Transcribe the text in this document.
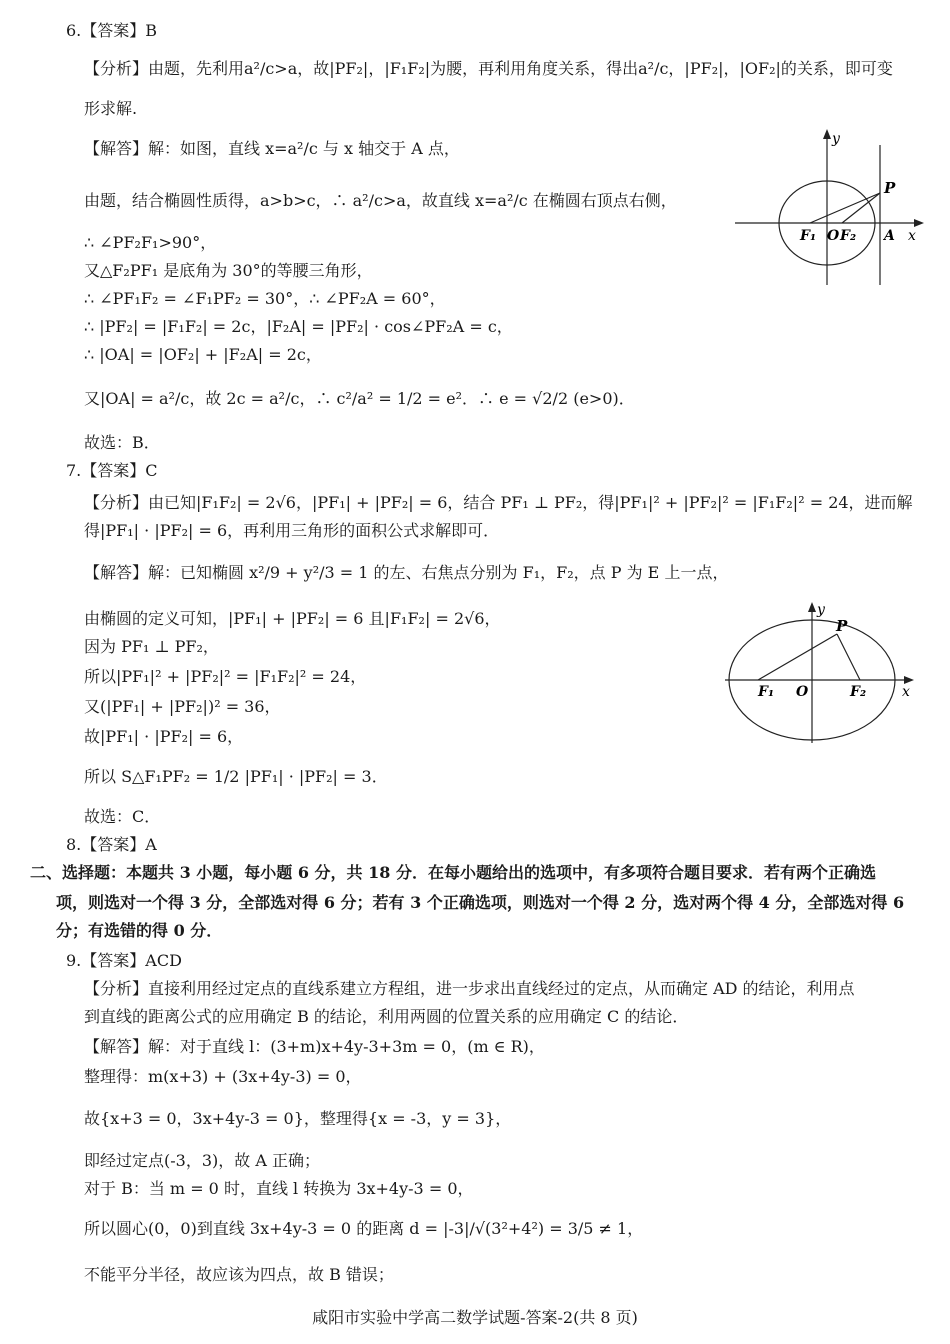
6.【答案】B
【分析】由题，先利用a²/c>a，故|PF₂|，|F₁F₂|为腰，再利用角度关系，得出a²/c，|PF₂|，|OF₂|的关系，即可变
形求解.
【解答】解：如图，直线 x=a²/c 与 x 轴交于 A 点，
由题，结合椭圆性质得，a>b>c，∴ a²/c>a，故直线 x=a²/c 在椭圆右顶点右侧，
∴ ∠PF₂F₁>90°，
又△F₂PF₁ 是底角为 30°的等腰三角形，
∴ ∠PF₁F₂ = ∠F₁PF₂ = 30°，∴ ∠PF₂A = 60°，
∴ |PF₂| = |F₁F₂| = 2c，|F₂A| = |PF₂| · cos∠PF₂A = c，
∴ |OA| = |OF₂| + |F₂A| = 2c，
又|OA| = a²/c，故 2c = a²/c，∴ c²/a² = 1/2 = e²．∴ e = √2/2 (e>0)．
故选：B．
7.【答案】C
【分析】由已知|F₁F₂| = 2√6，|PF₁| + |PF₂| = 6，结合 PF₁ ⊥ PF₂，得|PF₁|² + |PF₂|² = |F₁F₂|² = 24，进而解
得|PF₁| · |PF₂| = 6，再利用三角形的面积公式求解即可．
【解答】解：已知椭圆 x²/9 + y²/3 = 1 的左、右焦点分别为 F₁，F₂，点 P 为 E 上一点，
由椭圆的定义可知，|PF₁| + |PF₂| = 6 且|F₁F₂| = 2√6，
因为 PF₁ ⊥ PF₂，
所以|PF₁|² + |PF₂|² = |F₁F₂|² = 24，
又(|PF₁| + |PF₂|)² = 36，
故|PF₁| · |PF₂| = 6，
所以 S△F₁PF₂ = 1/2 |PF₁| · |PF₂| = 3．
故选：C．
8.【答案】A
二、选择题：本题共 3 小题，每小题 6 分，共 18 分．在每小题给出的选项中，有多项符合题目要求．若有两个正确选
项，则选对一个得 3 分，全部选对得 6 分；若有 3 个正确选项，则选对一个得 2 分，选对两个得 4 分，全部选对得 6
分；有选错的得 0 分．
9.【答案】ACD
【分析】直接利用经过定点的直线系建立方程组，进一步求出直线经过的定点，从而确定 AD 的结论，利用点
到直线的距离公式的应用确定 B 的结论，利用两圆的位置关系的应用确定 C 的结论．
【解答】解：对于直线 l：(3+m)x+4y-3+3m = 0，(m ∈ R)，
整理得：m(x+3) + (3x+4y-3) = 0，
故{x+3 = 0，3x+4y-3 = 0}，整理得{x = -3，y = 3}，
即经过定点(-3，3)，故 A 正确；
对于 B：当 m = 0 时，直线 l 转换为 3x+4y-3 = 0，
所以圆心(0，0)到直线 3x+4y-3 = 0 的距离 d = |-3|/√(3²+4²) = 3/5 ≠ 1，
不能平分半径，故应该为四点，故 B 错误；
y
P
F₁ O F₂ A x
y
P
F₁ O	F₂	x
咸阳市实验中学高二数学试题-答案-2(共 8 页)
